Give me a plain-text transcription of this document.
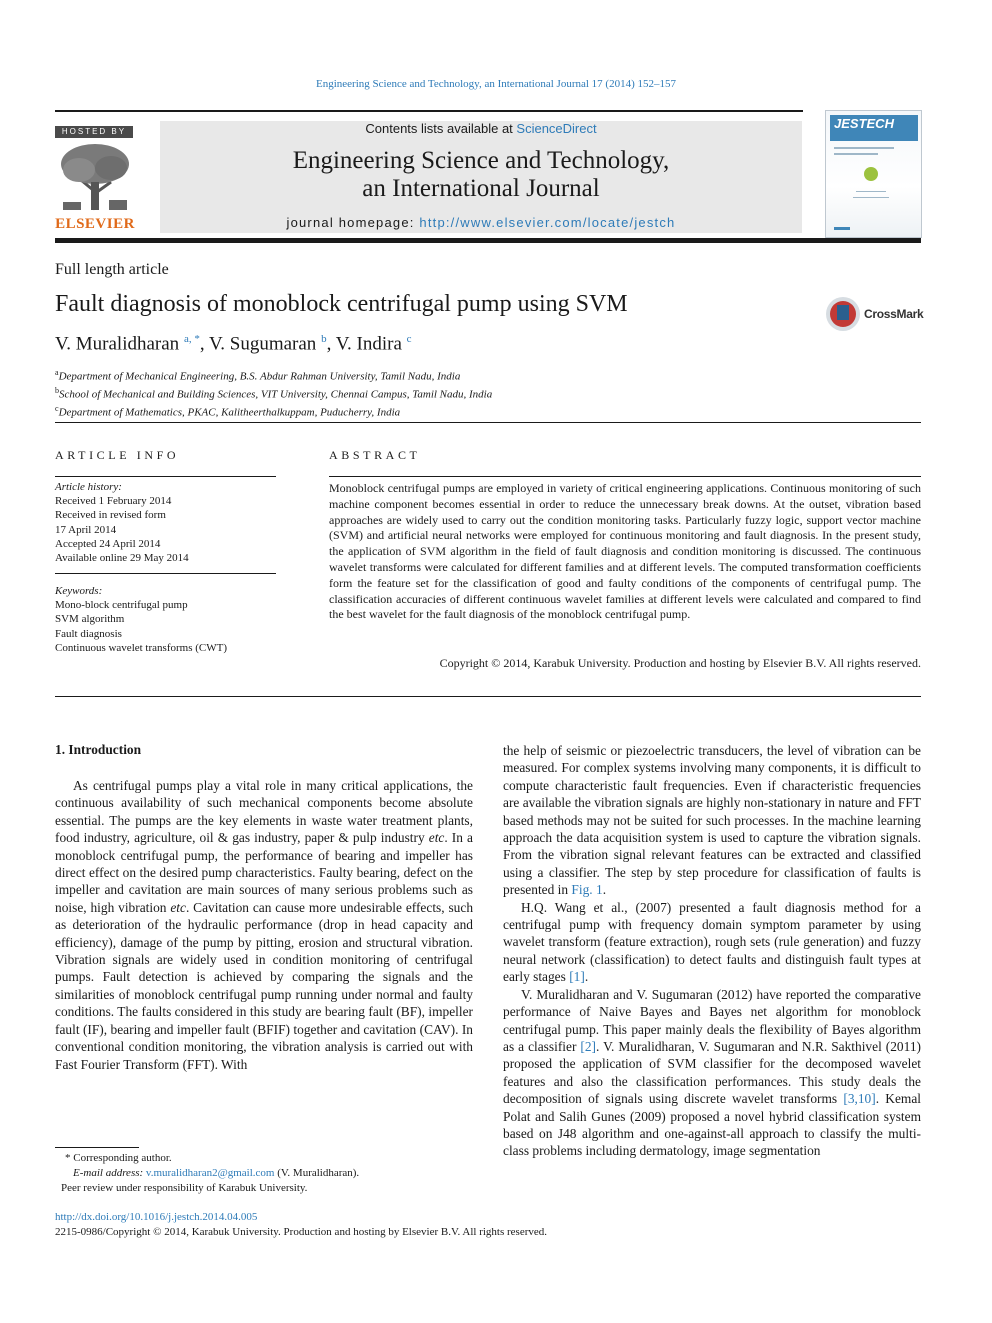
Engineering Science and Technology, an International Journal 17 (2014) 152–157
HOSTED BY
ELSEVIER
Contents lists available at ScienceDirect
Engineering Science and Technology,
an International Journal
journal homepage: http://www.elsevier.com/locate/jestch
JESTECH
Full length article
Fault diagnosis of monoblock centrifugal pump using SVM	CrossMark
V. Muralidharan $^{a, *}$, V. Sugumaran $^b$, V. Indira $^c$
$^a$Department of Mechanical Engineering, B.S. Abdur Rahman University, Tamil Nadu, India
$^b$School of Mechanical and Building Sciences, VIT University, Chennai Campus, Tamil Nadu, India
$^c$Department of Mathematics, PKAC, Kalitheerthalkuppam, Puducherry, India
ARTICLE INFO
Article history:
Received 1 February 2014
Received in revised form
17 April 2014
Accepted 24 April 2014
Available online 29 May 2014
Keywords:
Mono-block centrifugal pump
SVM algorithm
Fault diagnosis
Continuous wavelet transforms (CWT)
ABSTRACT
Monoblock centrifugal pumps are employed in variety of critical engineering applications. Continuous monitoring of such machine component becomes essential in order to reduce the unnecessary break downs. At the outset, vibration based approaches are widely used to carry out the condition monitoring tasks. Particularly fuzzy logic, support vector machine (SVM) and artificial neural networks were employed for continuous monitoring and fault diagnosis. In the present study, the application of SVM algorithm in the field of fault diagnosis and condition monitoring is discussed. The continuous wavelet transforms were calculated for different families and at different levels. The computed transformation coefficients form the feature set for the classification of good and faulty conditions of the components of centrifugal pump. The classification accuracies of different continuous wavelet families at different levels were calculated and compared to find the best wavelet for the fault diagnosis of the monoblock centrifugal pump.
Copyright © 2014, Karabuk University. Production and hosting by Elsevier B.V. All rights reserved.
1. Introduction

As centrifugal pumps play a vital role in many critical applications, the continuous availability of such mechanical components become absolute essential. The pumps are the key elements in waste water treatment plants, food industry, agriculture, oil & gas industry, paper & pulp industry etc. In a monoblock centrifugal pump, the performance of bearing and impeller has direct effect on the desired pump characteristics. Faulty bearing, defect on the impeller and cavitation are main sources of many serious problems such as noise, high vibration etc. Cavitation can cause more undesirable effects, such as deterioration of the hydraulic performance (drop in head capacity and efficiency), damage of the pump by pitting, erosion and structural vibration. Vibration signals are widely used in condition monitoring of centrifugal pumps. Fault detection is achieved by comparing the signals and the similarities of monoblock centrifugal pump running under normal and faulty conditions. The faults considered in this study are bearing fault (BF), impeller fault (IF), bearing and impeller fault (BFIF) together and cavitation (CAV). In conventional condition monitoring, the vibration analysis is carried out with Fast Fourier Transform (FFT). With

the help of seismic or piezoelectric transducers, the level of vibration can be measured. For complex systems involving many components, it is difficult to compute characteristic fault frequencies. Even if characteristic frequencies are available the vibration signals are highly non-stationary in nature and FFT based methods may not be suited for such processes. In the machine learning approach the data acquisition system is used to capture the vibration signals. From the vibration signal relevant features can be extracted and classified using a classifier. The step by step procedure for classification of faults is presented in Fig. 1.

H.Q. Wang et al., (2007) presented a fault diagnosis method for a centrifugal pump with frequency domain symptom parameter by using wavelet transform (feature extraction), rough sets (rule generation) and fuzzy neural network (classification) to detect faults and distinguish fault types at early stages [1].

V. Muralidharan and V. Sugumaran (2012) have reported the comparative performance of Naive Bayes and Bayes net algorithm for monoblock centrifugal pump. This paper mainly deals the flexibility of Bayes algorithm as a classifier [2]. V. Muralidharan, V. Sugumaran and N.R. Sakthivel (2011) proposed the application of SVM classifier for the decomposed wavelet features and also the classification performances. This study deals the decomposition of signals using discrete wavelet transforms [3,10]. Kemal Polat and Salih Gunes (2009) proposed a novel hybrid classification system based on J48 algorithm and one-against-all approach to classify the multi-class problems including dermatology, image segmentation

* Corresponding author.
E-mail address: v.muralidharan2@gmail.com (V. Muralidharan).
Peer review under responsibility of Karabuk University.
http://dx.doi.org/10.1016/j.jestch.2014.04.005
2215-0986/Copyright © 2014, Karabuk University. Production and hosting by Elsevier B.V. All rights reserved.
